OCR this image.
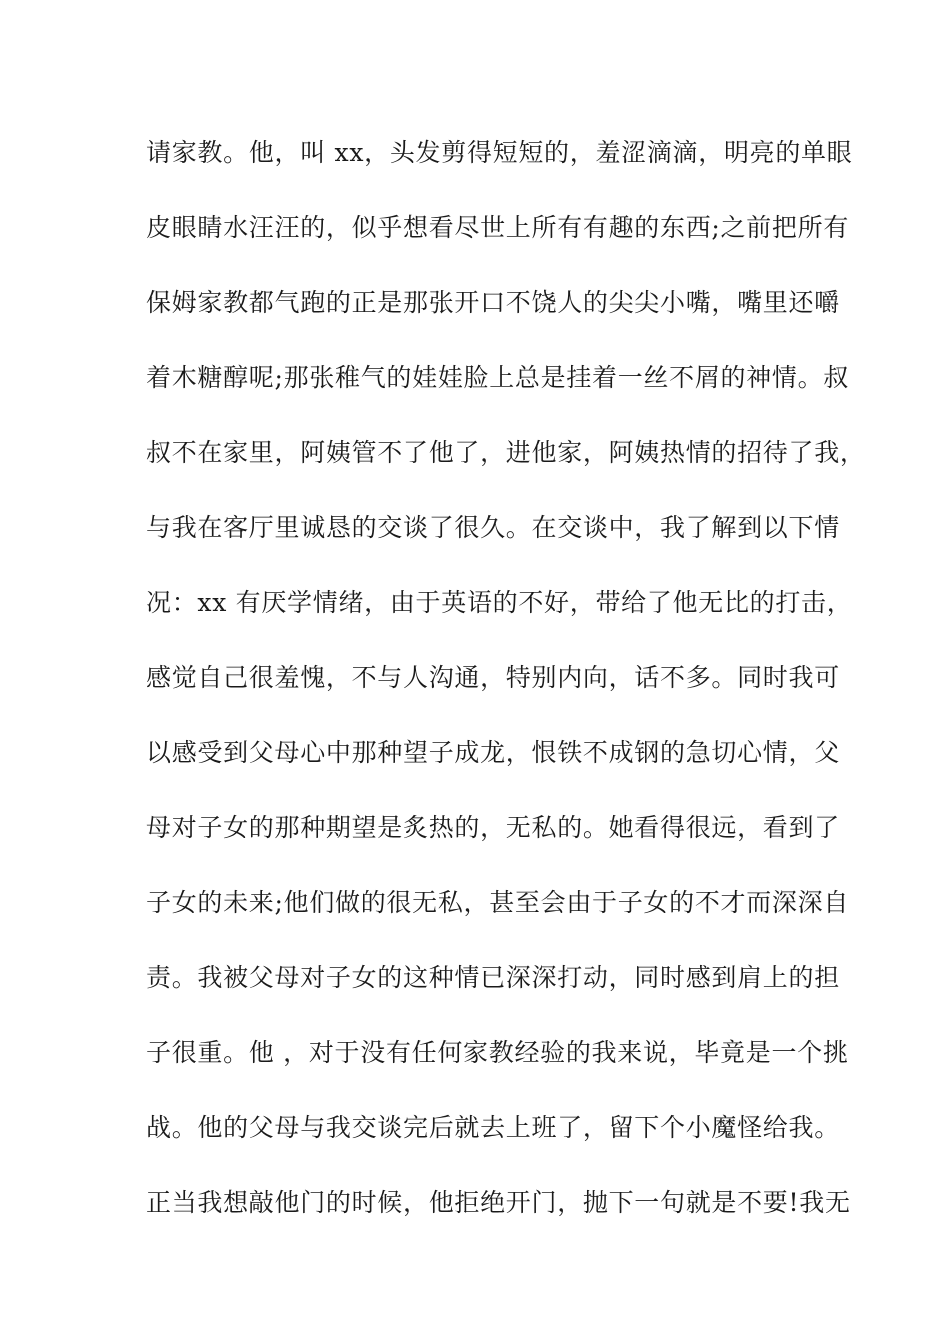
请家教。他，叫 xx，头发剪得短短的，羞涩滴滴，明亮的单眼
皮眼睛水汪汪的，似乎想看尽世上所有有趣的东西;之前把所有
保姆家教都气跑的正是那张开口不饶人的尖尖小嘴，嘴里还嚼
着木糖醇呢;那张稚气的娃娃脸上总是挂着一丝不屑的神情。叔
叔不在家里，阿姨管不了他了，进他家，阿姨热情的招待了我，
与我在客厅里诚恳的交谈了很久。在交谈中，我了解到以下情
况：xx 有厌学情绪，由于英语的不好，带给了他无比的打击，
感觉自己很羞愧，不与人沟通，特别内向，话不多。同时我可
以感受到父母心中那种望子成龙，恨铁不成钢的急切心情，父
母对子女的那种期望是炙热的，无私的。她看得很远，看到了
子女的未来;他们做的很无私，甚至会由于子女的不才而深深自
责。我被父母对子女的这种情已深深打动，同时感到肩上的担
子很重。他 ，对于没有任何家教经验的我来说，毕竟是一个挑
战。他的父母与我交谈完后就去上班了，留下个小魔怪给我。
正当我想敲他门的时候，他拒绝开门，抛下一句就是不要!我无
